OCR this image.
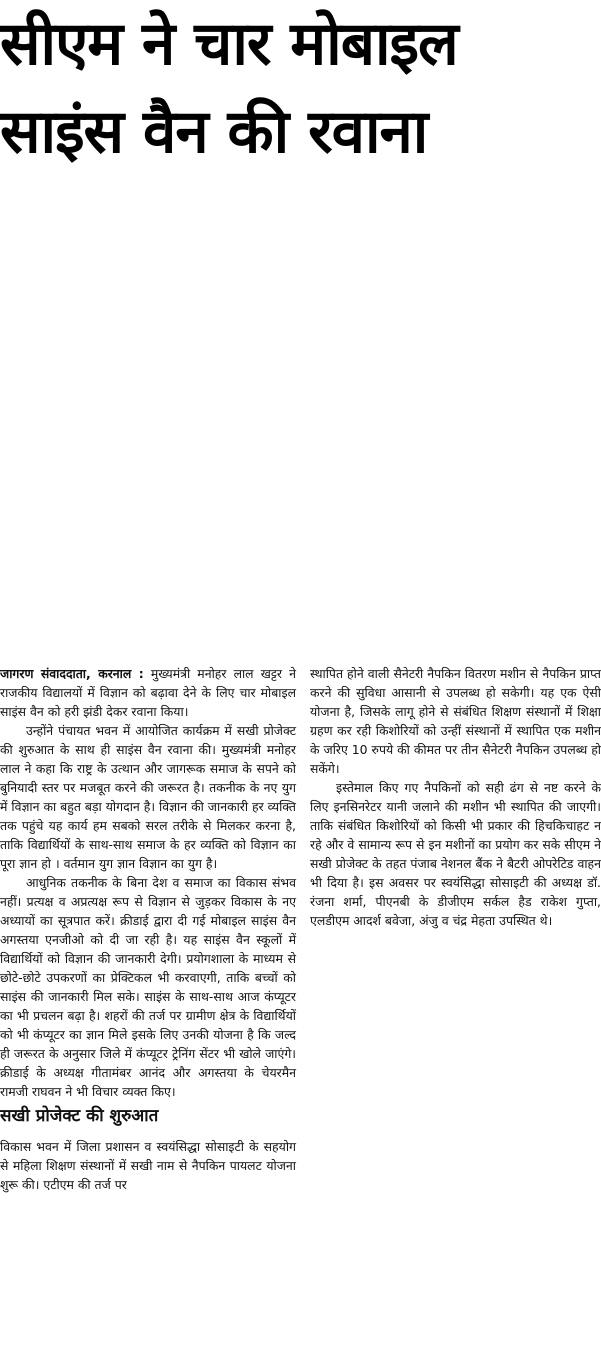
सीएम ने चार मोबाइल
साइंस वैन की रवाना

जागरण संवाददाता, करनाल : मुख्यमंत्री मनोहर लाल खट्टर ने राजकीय विद्यालयों में विज्ञान को बढ़ावा देने के लिए चार मोबाइल साइंस वैन को हरी झंडी देकर रवाना किया।

उन्होंने पंचायत भवन में आयोजित कार्यक्रम में सखी प्रोजेक्ट की शुरुआत के साथ ही साइंस वैन रवाना की। मुख्यमंत्री मनोहर लाल ने कहा कि राष्ट्र के उत्थान और जागरूक समाज के सपने को बुनियादी स्तर पर मजबूत करने की जरूरत है। तकनीक के नए युग में विज्ञान का बहुत बड़ा योगदान है। विज्ञान की जानकारी हर व्यक्ति तक पहुंचे यह कार्य हम सबको सरल तरीके से मिलकर करना है, ताकि विद्यार्थियों के साथ-साथ समाज के हर व्यक्ति को विज्ञान का पूरा ज्ञान हो । वर्तमान युग ज्ञान विज्ञान का युग है।

आधुनिक तकनीक के बिना देश व समाज का विकास संभव नहीं। प्रत्यक्ष व अप्रत्यक्ष रूप से विज्ञान से जुड़कर विकास के नए अध्यायों का सूत्रपात करें। क्रीडाई द्वारा दी गई मोबाइल साइंस वैन अगस्तया एनजीओ को दी जा रही है। यह साइंस वैन स्कूलों में विद्यार्थियों को विज्ञान की जानकारी देगी। प्रयोगशाला के माध्यम से छोटे-छोटे उपकरणों का प्रेक्टिकल भी करवाएगी, ताकि बच्चों को साइंस की जानकारी मिल सके। साइंस के साथ-साथ आज कंप्यूटर का भी प्रचलन बढ़ा है। शहरों की तर्ज पर ग्रामीण क्षेत्र के विद्यार्थियों को भी कंप्यूटर का ज्ञान मिले इसके लिए उनकी योजना है कि जल्द ही जरूरत के अनुसार जिले में कंप्यूटर ट्रेनिंग सेंटर भी खोले जाएंगे। क्रीडाई के अध्यक्ष गीतामंबर आनंद और अगस्तया के चेयरमैन रामजी राघवन ने भी विचार व्यक्त किए।

सखी प्रोजेक्ट की शुरुआत

विकास भवन में जिला प्रशासन व स्वयंसिद्धा सोसाइटी के सहयोग से महिला शिक्षण संस्थानों में सखी नाम से नैपकिन पायलट योजना शुरू की। एटीएम की तर्ज पर

स्थापित होने वाली सैनेटरी नैपकिन वितरण मशीन से नैपकिन प्राप्त करने की सुविधा आसानी से उपलब्ध हो सकेगी। यह एक ऐसी योजना है, जिसके लागू होने से संबंधित शिक्षण संस्थानों में शिक्षा ग्रहण कर रही किशोरियों को उन्हीं संस्थानों में स्थापित एक मशीन के जरिए 10 रुपये की कीमत पर तीन सैनेटरी नैपकिन उपलब्ध हो सकेंगे।

इस्तेमाल किए गए नैपकिनों को सही ढंग से नष्ट करने के लिए इनसिनरेटर यानी जलाने की मशीन भी स्थापित की जाएगी। ताकि संबंधित किशोरियों को किसी भी प्रकार की हिचकिचाहट न रहे और वे सामान्य रूप से इन मशीनों का प्रयोग कर सके सीएम ने सखी प्रोजेक्ट के तहत पंजाब नेशनल बैंक ने बैटरी ओपरेटिड वाहन भी दिया है। इस अवसर पर स्वयंसिद्धा सोसाइटी की अध्यक्ष डॉ. रंजना शर्मा, पीएनबी के डीजीएम सर्कल हैड राकेश गुप्ता, एलडीएम आदर्श बवेजा, अंजु व चंद्र मेहता उपस्थित थे।
